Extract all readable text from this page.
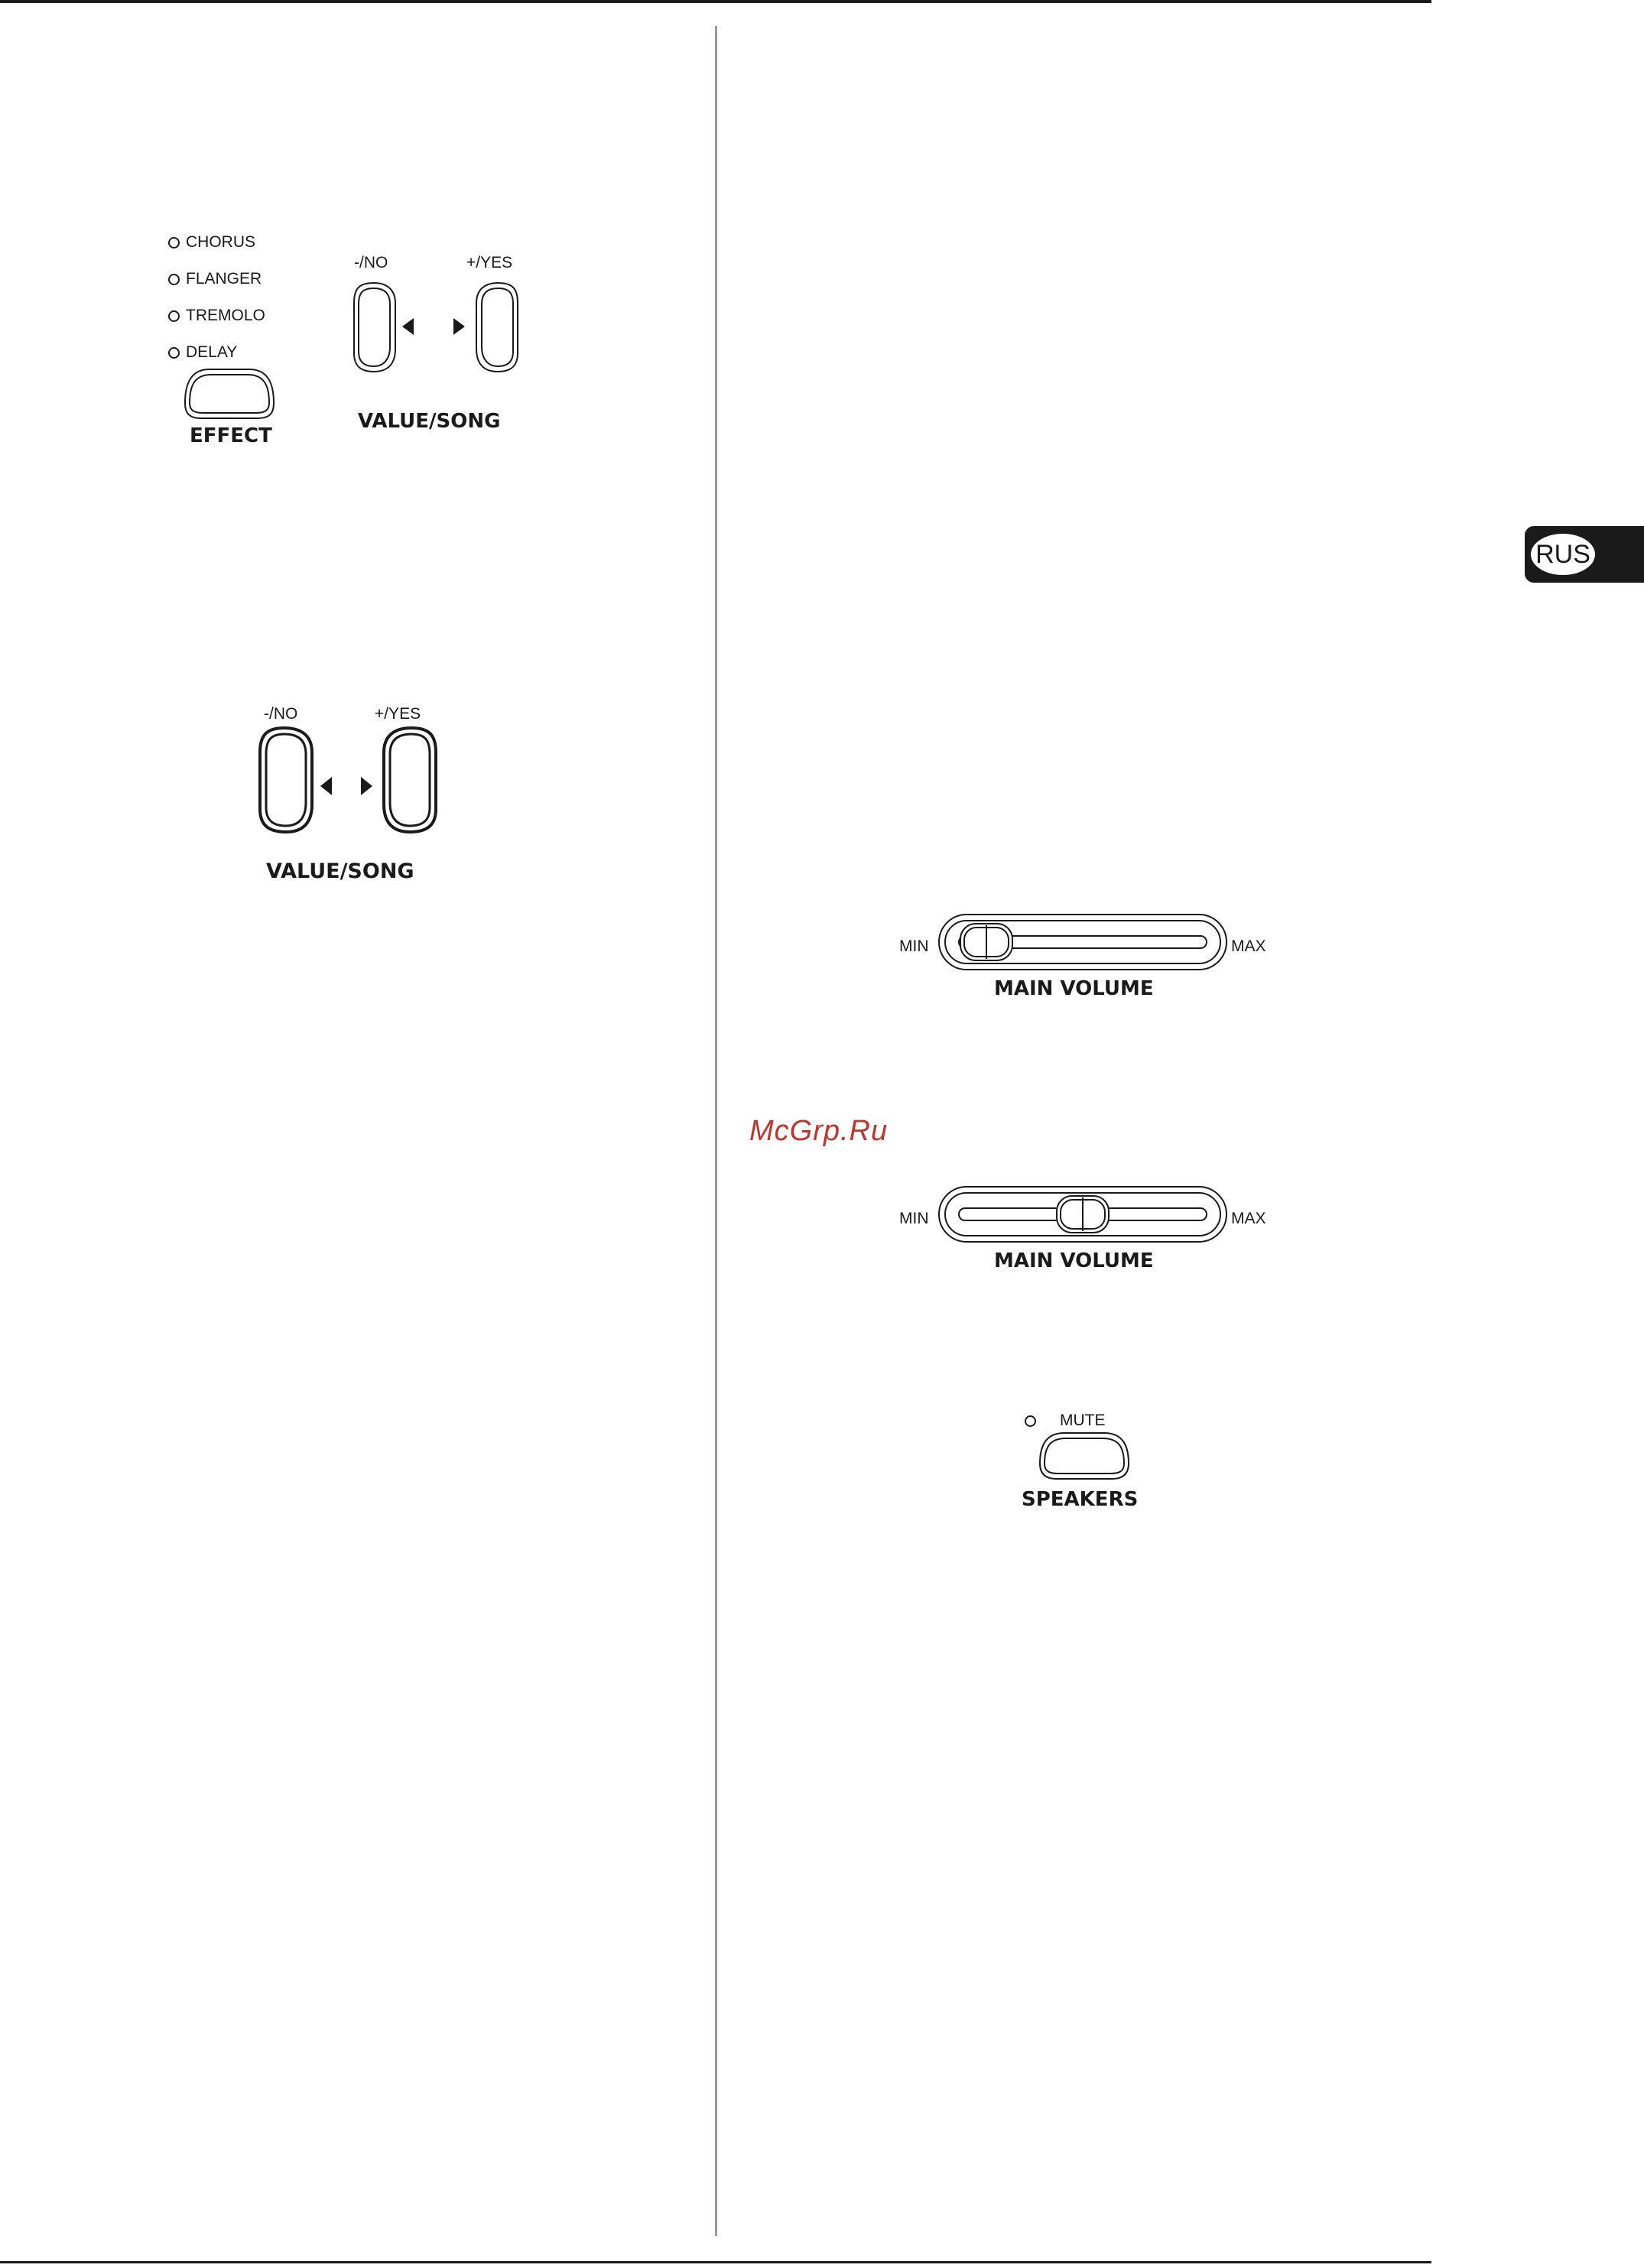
CHORUS
FLANGER
TREMOLO
DELAY
EFFECT
-/NO	+/YES
VALUE/SONG
-/NO	+/YES
VALUE/SONG
RUS
MIN	MAX
MAIN VOLUME
McGrp.Ru
MIN	MAX
MAIN VOLUME
MUTE
SPEAKERS
